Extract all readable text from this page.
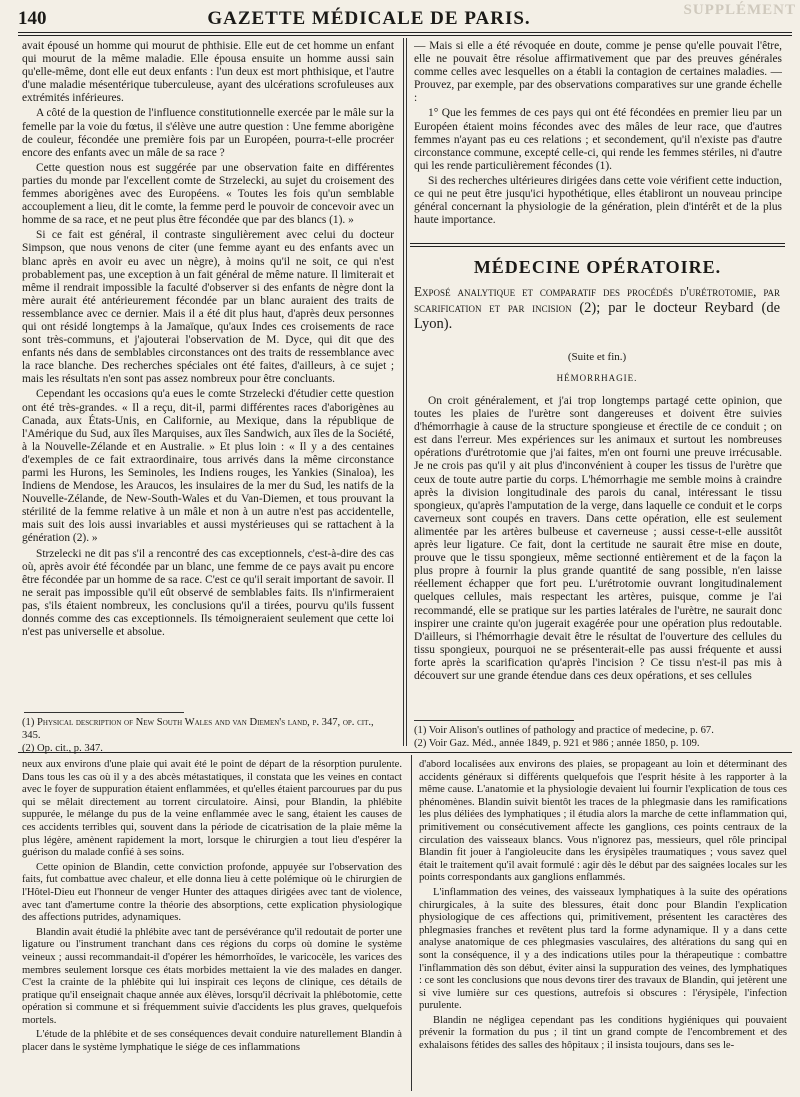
140	GAZETTE MÉDICALE DE PARIS.	SUPPLÉMENT

avait épousé un homme qui mourut de phthisie. Elle eut de cet homme un enfant qui mourut de la même maladie. Elle épousa ensuite un homme aussi sain qu'elle-même, dont elle eut deux enfants : l'un deux est mort phthisique, et l'autre d'une maladie mésentérique tuberculeuse, ayant des ulcérations scrofuleuses aux extrémités inférieures.

A côté de la question de l'influence constitutionnelle exercée par le mâle sur la femelle par la voie du fœtus, il s'élève une autre question : Une femme aborigène de couleur, fécondée une première fois par un Européen, pourra-t-elle procréer encore des enfants avec un mâle de sa race ?

Cette question nous est suggérée par une observation faite en différentes parties du monde par l'excellent comte de Strzelecki, au sujet du croisement des femmes aborigènes avec des Européens. « Toutes les fois qu'un semblable accouplement a lieu, dit le comte, la femme perd le pouvoir de concevoir avec un homme de sa race, et ne peut plus être fécondée que par des blancs (1). »

Si ce fait est général, il contraste singulièrement avec celui du docteur Simpson, que nous venons de citer (une femme ayant eu des enfants avec un blanc après en avoir eu avec un nègre), à moins qu'il ne soit, ce qui n'est probablement pas, une exception à un fait général de même nature. Il limiterait et même il rendrait impossible la faculté d'observer si des enfants de nègre dont la mère aurait été antérieurement fécondée par un blanc auraient des traits de ressemblance avec ce dernier. Mais il a été dit plus haut, d'après deux personnes qui ont résidé longtemps à la Jamaïque, qu'aux Indes ces croisements de race sont très-communs, et j'ajouterai l'observation de M. Dyce, qui dit que des enfants nés dans de semblables circonstances ont des traits de ressemblance avec la race blanche. Des recherches spéciales ont été faites, d'ailleurs, à ce sujet ; mais les résultats n'en sont pas assez nombreux pour être concluants.

Cependant les occasions qu'a eues le comte Strzelecki d'étudier cette question ont été très-grandes. « Il a reçu, dit-il, parmi différentes races d'aborigènes au Canada, aux États-Unis, en Californie, au Mexique, dans la république de l'Amérique du Sud, aux îles Marquises, aux îles Sandwich, aux îles de la Société, à la Nouvelle-Zélande et en Australie. » Et plus loin : « Il y a des centaines d'exemples de ce fait extraordinaire, tous arrivés dans la même circonstance parmi les Hurons, les Seminoles, les Indiens rouges, les Yankies (Sinaloa), les Indiens de Mendose, les Araucos, les insulaires de la mer du Sud, les natifs de la Nouvelle-Zélande, de New-South-Wales et du Van-Diemen, et tous prouvant la stérilité de la femme relative à un mâle et non à un autre n'est pas accidentelle, mais suit des lois aussi invariables et aussi mystérieuses qui se rattachent à la génération (2). »

Strzelecki ne dit pas s'il a rencontré des cas exceptionnels, c'est-à-dire des cas où, après avoir été fécondée par un blanc, une femme de ce pays avait pu encore être fécondée par un homme de sa race. C'est ce qu'il serait important de savoir. Il ne serait pas impossible qu'il eût observé de semblables faits. Ils n'infirmeraient pas, s'ils étaient nombreux, les conclusions qu'il a tirées, pourvu qu'ils fussent donnés comme des cas exceptionnels. Ils témoigneraient seulement que cette loi n'est pas universelle et absolue.

(1) Physical description of New South Wales and van Diemen's land, p. 347, op. cit., 345.
(2) Op. cit., p. 347.

— Mais si elle a été révoquée en doute, comme je pense qu'elle pouvait l'être, elle ne pouvait être résolue affirmativement que par des preuves générales comme celles avec lesquelles on a établi la contagion de certaines maladies. — Prouvez, par exemple, par des observations comparatives sur une grande échelle :

1° Que les femmes de ces pays qui ont été fécondées en premier lieu par un Européen étaient moins fécondes avec des mâles de leur race, que d'autres femmes n'ayant pas eu ces relations ; et secondement, qu'il n'existe pas d'autre circonstance commune, excepté celle-ci, qui rende les femmes stériles, ni d'autre qui les rende particulièrement fécondes (1).

Si des recherches ultérieures dirigées dans cette voie vérifient cette induction, ce qui ne peut être jusqu'ici hypothétique, elles établiront un nouveau principe général concernant la physiologie de la génération, plein d'intérêt et de la plus haute importance.

MÉDECINE OPÉRATOIRE.
Exposé analytique et comparatif des procédés d'urétrotomie, par scarification et par incision (2); par le docteur Reybard (de Lyon).
(Suite et fin.)
HÉMORRHAGIE.

On croit généralement, et j'ai trop longtemps partagé cette opinion, que toutes les plaies de l'urètre sont dangereuses et doivent être suivies d'hémorrhagie à cause de la structure spongieuse et érectile de ce conduit ; on est dans l'erreur. Mes expériences sur les animaux et surtout les nombreuses opérations d'urétrotomie que j'ai faites, m'en ont fourni une preuve irrécusable. Je ne crois pas qu'il y ait plus d'inconvénient à couper les tissus de l'urètre que ceux de toute autre partie du corps. L'hémorrhagie me semble moins à craindre après la division longitudinale des parois du canal, intéressant le tissu spongieux, qu'après l'amputation de la verge, dans laquelle ce conduit et le corps caverneux sont coupés en travers. Dans cette opération, elle est seulement alimentée par les artères bulbeuse et caverneuse ; aussi cesse-t-elle aussitôt après leur ligature. Ce fait, dont la certitude ne saurait être mise en doute, prouve que le tissu spongieux, même sectionné entièrement et de la façon la plus propre à fournir la plus grande quantité de sang possible, n'en laisse réellement échapper que fort peu. L'urétrotomie ouvrant longitudinalement quelques cellules, mais respectant les artères, puisque, comme je l'ai recommandé, elle se pratique sur les parties latérales de l'urètre, ne saurait donc inspirer une crainte qu'on jugerait exagérée pour une opération plus redoutable. D'ailleurs, si l'hémorrhagie devait être le résultat de l'ouverture des cellules du tissu spongieux, pourquoi ne se présenterait-elle pas aussi fréquente et aussi forte après la scarification qu'après l'incision ? Ce tissu n'est-il pas mis à découvert sur une grande étendue dans ces deux opérations, et ses cellules

(1) Voir Alison's outlines of pathology and practice of medecine, p. 67.
(2) Voir Gaz. Méd., année 1849, p. 921 et 986 ; année 1850, p. 109.

neux aux environs d'une plaie qui avait été le point de départ de la résorption purulente. Dans tous les cas où il y a des abcès métastatiques, il constata que les veines en contact avec le foyer de suppuration étaient enflammées, et qu'elles étaient parcourues par du pus qui se mêlait directement au torrent circulatoire. Ainsi, pour Blandin, la phlébite suppurée, le mélange du pus de la veine enflammée avec le sang, étaient les causes de ces accidents terribles qui, souvent dans la période de cicatrisation de la plaie même la plus légère, amènent rapidement la mort, lorsque le chirurgien a tout lieu d'espérer la guérison du malade confié à ses soins.

Cette opinion de Blandin, cette conviction profonde, appuyée sur l'observation des faits, fut combattue avec chaleur, et elle donna lieu à cette polémique où le chirurgien de l'Hôtel-Dieu eut l'honneur de venger Hunter des attaques dirigées avec tant de violence, avec tant d'amertume contre la théorie des absorptions, cette explication physiologique des affections putrides, adynamiques.

Blandin avait étudié la phlébite avec tant de persévérance qu'il redoutait de porter une ligature ou l'instrument tranchant dans ces régions du corps où domine le système veineux ; aussi recommandait-il d'opérer les hémorrhoïdes, le varicocèle, les varices des membres seulement lorsque ces états morbides mettaient la vie des malades en danger. C'est la crainte de la phlébite qui lui inspirait ces leçons de clinique, ces détails de pratique qu'il enseignait chaque année aux élèves, lorsqu'il décrivait la phlébotomie, cette opération si commune et si fréquemment suivie d'accidents les plus graves, quelquefois mortels.

L'étude de la phlébite et de ses conséquences devait conduire naturellement Blandin à placer dans le système lymphatique le siége de ces inflammations

d'abord localisées aux environs des plaies, se propageant au loin et déterminant des accidents généraux si différents quelquefois que l'esprit hésite à les rapporter à la même cause. L'anatomie et la physiologie devaient lui fournir l'explication de tous ces phénomènes. Blandin suivit bientôt les traces de la phlegmasie dans les ramifications les plus déliées des lymphatiques ; il étudia alors la marche de cette inflammation qui, primitivement ou consécutivement affecte les ganglions, ces points centraux de la circulation des vaisseaux blancs. Vous n'ignorez pas, messieurs, quel rôle principal Blandin fit jouer à l'angioleucite dans les érysipèles traumatiques ; vous savez quel était le traitement qu'il avait formulé : agir dès le début par des saignées locales sur les points correspondants aux ganglions enflammés.

L'inflammation des veines, des vaisseaux lymphatiques à la suite des opérations chirurgicales, à la suite des blessures, était donc pour Blandin l'explication physiologique de ces affections qui, primitivement, présentent les caractères des phlegmasies franches et revêtent plus tard la forme adynamique. Il y a dans cette analyse anatomique de ces phlegmasies vasculaires, des altérations du sang qui en sont la conséquence, il y a des indications utiles pour la thérapeutique : combattre l'inflammation dès son début, éviter ainsi la suppuration des veines, des lymphatiques : ce sont les conclusions que nous devons tirer des travaux de Blandin, qui jetèrent une si vive lumière sur ces questions, autrefois si obscures : l'érysipèle, l'infection purulente.

Blandin ne négligea cependant pas les conditions hygiéniques qui pouvaient prévenir la formation du pus ; il tint un grand compte de l'encombrement et des exhalaisons fétides des salles des hôpitaux ; il insista toujours, dans ses le-
